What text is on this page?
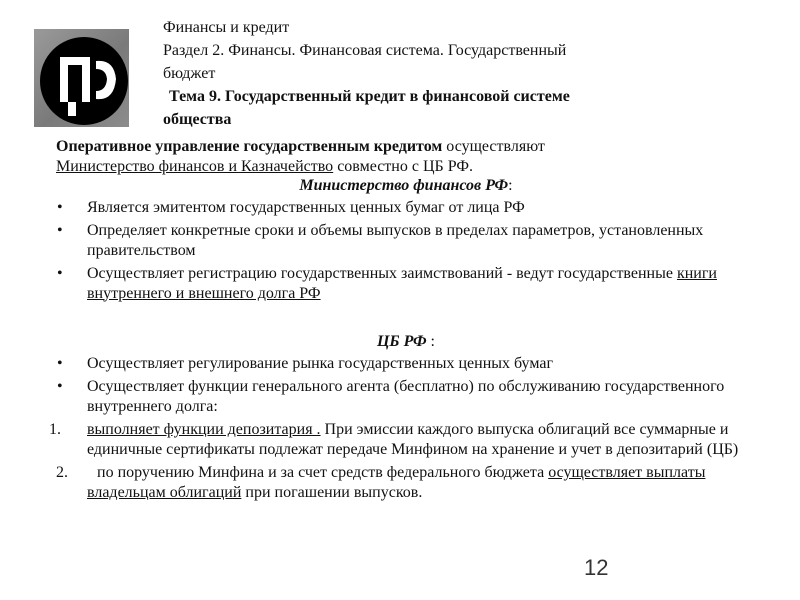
Финансы и кредит
Раздел 2. Финансы. Финансовая система. Государственный
бюджет
Тема 9. Государственный кредит в финансовой системе
общества
Оперативное управление государственным кредитом осуществляют
Министерство финансов и Казначейство совместно с ЦБ РФ.
Министерство финансов РФ:
• Является эмитентом государственных ценных бумаг от лица РФ
• Определяет конкретные сроки и объемы выпусков в пределах параметров, установленных правительством
• Осуществляет регистрацию государственных заимствований - ведут государственные книги внутреннего и внешнего долга РФ
ЦБ РФ :
• Осуществляет регулирование рынка государственных ценных бумаг
• Осуществляет функции генерального агента (бесплатно) по обслуживанию государственного внутреннего долга:
1. выполняет функции депозитария . При эмиссии каждого выпуска облигаций все суммарные и единичные сертификаты подлежат передаче Минфином на хранение и учет в депозитарий (ЦБ)
2. по поручению Минфина и за счет средств федерального бюджета осуществляет выплаты владельцам облигаций при погашении выпусков.
12
